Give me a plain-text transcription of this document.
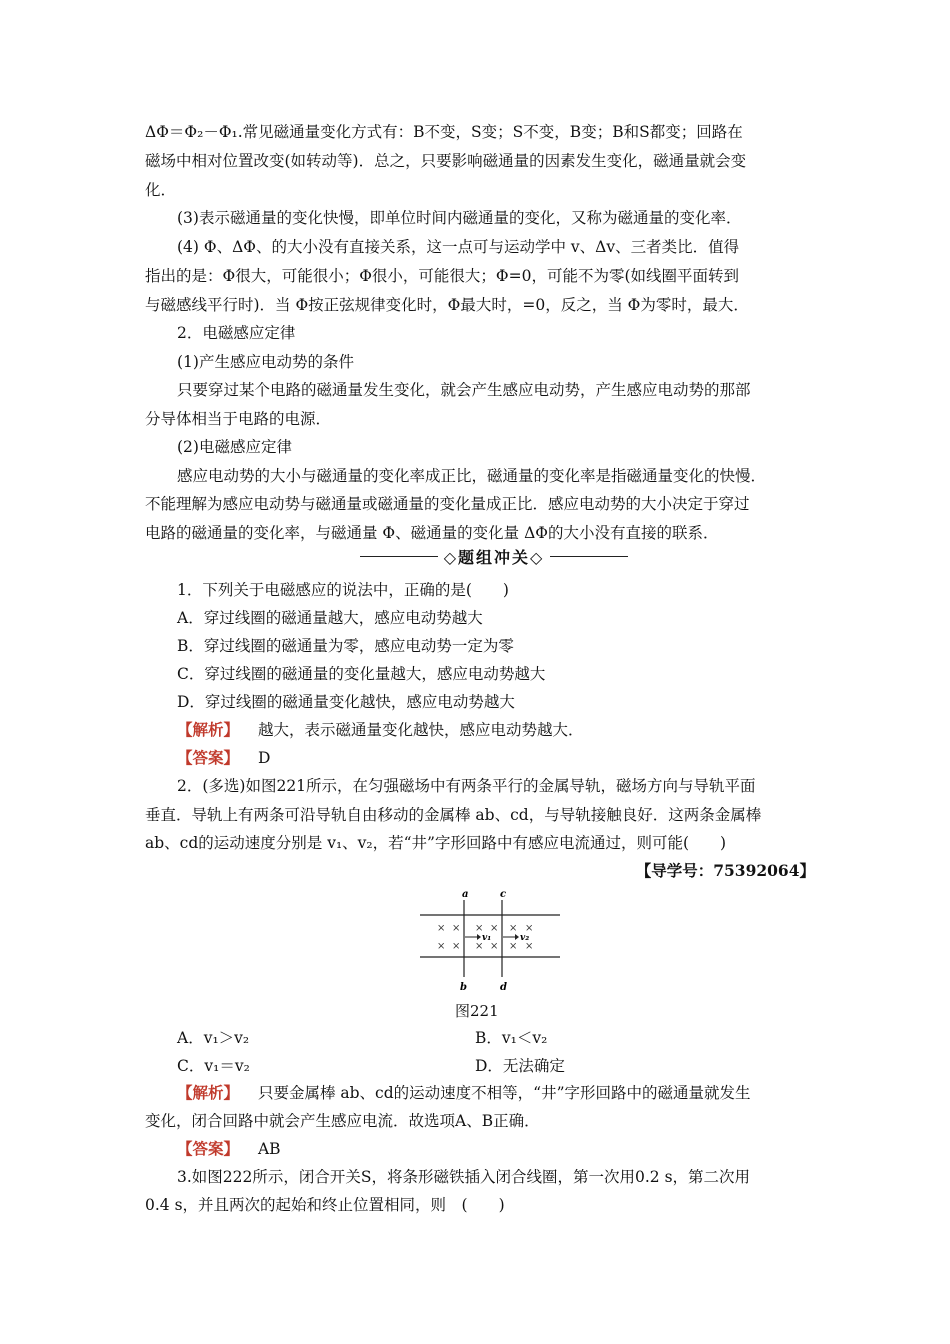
ΔΦ＝Φ₂－Φ₁.常见磁通量变化方式有：B不变，S变；S不变，B变；B和S都变；回路在
磁场中相对位置改变(如转动等)．总之，只要影响磁通量的因素发生变化，磁通量就会变
化．
(3)表示磁通量的变化快慢，即单位时间内磁通量的变化，又称为磁通量的变化率．
(4) Φ、ΔΦ、的大小没有直接关系，这一点可与运动学中 v、Δv、三者类比．值得
指出的是：Φ很大，可能很小；Φ很小，可能很大；Φ=0，可能不为零(如线圈平面转到
与磁感线平行时)．当 Φ按正弦规律变化时，Φ最大时，=0，反之，当 Φ为零时，最大．
2．电磁感应定律
(1)产生感应电动势的条件
只要穿过某个电路的磁通量发生变化，就会产生感应电动势，产生感应电动势的那部
分导体相当于电路的电源．
(2)电磁感应定律
感应电动势的大小与磁通量的变化率成正比，磁通量的变化率是指磁通量变化的快慢．
不能理解为感应电动势与磁通量或磁通量的变化量成正比．感应电动势的大小决定于穿过
电路的磁通量的变化率，与磁通量 Φ、磁通量的变化量 ΔΦ的大小没有直接的联系．
◇题组冲关◇
1．下列关于电磁感应的说法中，正确的是(　　)
A．穿过线圈的磁通量越大，感应电动势越大
B．穿过线圈的磁通量为零，感应电动势一定为零
C．穿过线圈的磁通量的变化量越大，感应电动势越大
D．穿过线圈的磁通量变化越快，感应电动势越大
【解析】 越大，表示磁通量变化越快，感应电动势越大．
【答案】 D
2．(多选)如图221所示，在匀强磁场中有两条平行的金属导轨，磁场方向与导轨平面
垂直．导轨上有两条可沿导轨自由移动的金属棒 ab、cd，与导轨接触良好．这两条金属棒
ab、cd的运动速度分别是 v₁、v₂，若“井”字形回路中有感应电流通过，则可能(　　)
【导学号：75392064】
a	c
b	d
× × × × × ×
× × × × × ×
v₁	v₂
图221
A．v₁＞v₂	B．v₁＜v₂
C．v₁＝v₂	D．无法确定
【解析】 只要金属棒 ab、cd的运动速度不相等，“井”字形回路中的磁通量就发生
变化，闭合回路中就会产生感应电流．故选项A、B正确．
【答案】 AB
3.如图222所示，闭合开关S，将条形磁铁插入闭合线圈，第一次用0.2 s，第二次用
0.4 s，并且两次的起始和终止位置相同，则　(　　)
